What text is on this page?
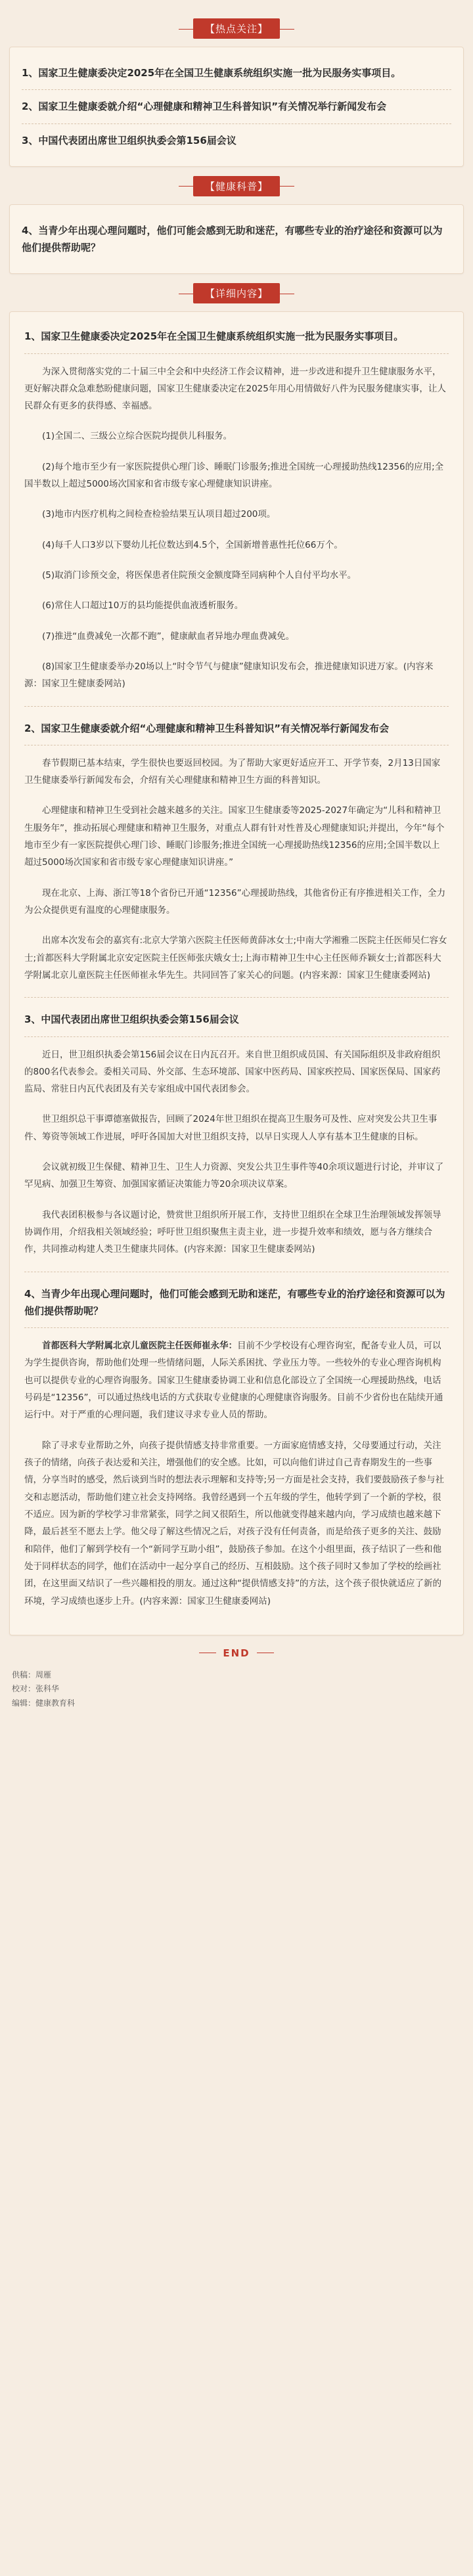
【热点关注】
1、国家卫生健康委决定2025年在全国卫生健康系统组织实施一批为民服务实事项目。
2、国家卫生健康委就介绍“心理健康和精神卫生科普知识”有关情况举行新闻发布会
3、中国代表团出席世卫组织执委会第156届会议
【健康科普】
4、当青少年出现心理问题时，他们可能会感到无助和迷茫，有哪些专业的治疗途径和资源可以为他们提供帮助呢？
【详细内容】
1、国家卫生健康委决定2025年在全国卫生健康系统组织实施一批为民服务实事项目。

为深入贯彻落实党的二十届三中全会和中央经济工作会议精神，进一步改进和提升卫生健康服务水平，更好解决群众急难愁盼健康问题，国家卫生健康委决定在2025年用心用情做好八件为民服务健康实事，让人民群众有更多的获得感、幸福感。

(1)全国二、三级公立综合医院均提供儿科服务。

(2)每个地市至少有一家医院提供心理门诊、睡眠门诊服务;推进全国统一心理援助热线12356的应用;全国半数以上超过5000场次国家和省市级专家心理健康知识讲座。

(3)地市内医疗机构之间检查检验结果互认项目超过200项。

(4)每千人口3岁以下婴幼儿托位数达到4.5个，全国新增普惠性托位66万个。

(5)取消门诊预交金，将医保患者住院预交金额度降至同病种个人自付平均水平。

(6)常住人口超过10万的县均能提供血液透析服务。

(7)推进“血费减免一次都不跑”，健康献血者异地办理血费减免。

(8)国家卫生健康委举办20场以上“时令节气与健康”健康知识发布会，推进健康知识进万家。(内容来源：国家卫生健康委网站)

2、国家卫生健康委就介绍“心理健康和精神卫生科普知识”有关情况举行新闻发布会

春节假期已基本结束，学生很快也要返回校园。为了帮助大家更好适应开工、开学节奏，2月13日国家卫生健康委举行新闻发布会，介绍有关心理健康和精神卫生方面的科普知识。

心理健康和精神卫生受到社会越来越多的关注。国家卫生健康委等2025-2027年确定为“儿科和精神卫生服务年”，推动拓展心理健康和精神卫生服务，对重点人群有针对性普及心理健康知识;并提出，今年“每个地市至少有一家医院提供心理门诊、睡眠门诊服务;推进全国统一心理援助热线12356的应用;全国半数以上超过5000场次国家和省市级专家心理健康知识讲座。”

现在北京、上海、浙江等18个省份已开通“12356”心理援助热线，其他省份正有序推进相关工作，全力为公众提供更有温度的心理健康服务。

出席本次发布会的嘉宾有:北京大学第六医院主任医师黄薛冰女士;中南大学湘雅二医院主任医师吴仁容女士;首都医科大学附属北京安定医院主任医师张庆娥女士;上海市精神卫生中心主任医师乔颖女士;首都医科大学附属北京儿童医院主任医师崔永华先生。共同回答了家关心的问题。(内容来源：国家卫生健康委网站)

3、中国代表团出席世卫组织执委会第156届会议

近日，世卫组织执委会第156届会议在日内瓦召开。来自世卫组织成员国、有关国际组织及非政府组织的800名代表参会。委相关司局、外交部、生态环境部、国家中医药局、国家疾控局、国家医保局、国家药监局、常驻日内瓦代表团及有关专家组成中国代表团参会。

世卫组织总干事谭德塞做报告，回顾了2024年世卫组织在提高卫生服务可及性、应对突发公共卫生事件、筹资等领域工作进展，呼吁各国加大对世卫组织支持，以早日实现人人享有基本卫生健康的目标。

会议就初级卫生保健、精神卫生、卫生人力资源、突发公共卫生事件等40余项议题进行讨论，并审议了罕见病、加强卫生筹资、加强国家循证决策能力等20余项决议草案。

我代表团积极参与各议题讨论，赞赏世卫组织所开展工作，支持世卫组织在全球卫生治理领域发挥领导协调作用，介绍我相关领域经验；呼吁世卫组织聚焦主责主业，进一步提升效率和绩效，愿与各方继续合作，共同推动构建人类卫生健康共同体。(内容来源：国家卫生健康委网站)

4、当青少年出现心理问题时，他们可能会感到无助和迷茫，有哪些专业的治疗途径和资源可以为他们提供帮助呢？

首都医科大学附属北京儿童医院主任医师崔永华：目前不少学校设有心理咨询室，配备专业人员，可以为学生提供咨询，帮助他们处理一些情绪问题，人际关系困扰、学业压力等。一些较外的专业心理咨询机构也可以提供专业的心理咨询服务。国家卫生健康委协调工业和信息化部设立了全国统一心理援助热线，电话号码是“12356”，可以通过热线电话的方式获取专业健康的心理健康咨询服务。目前不少省份也在陆续开通运行中。对于严重的心理问题，我们建议寻求专业人员的帮助。

除了寻求专业帮助之外，向孩子提供情感支持非常重要。一方面家庭情感支持，父母要通过行动，关注孩子的情绪，向孩子表达爱和关注，增强他们的安全感。比如，可以向他们讲过自己青春期发生的一些事情，分享当时的感受，然后谈到当时的想法表示理解和支持等;另一方面是社会支持，我们要鼓励孩子参与社交和志愿活动，帮助他们建立社会支持网络。我曾经遇到一个五年级的学生，他转学到了一个新的学校，很不适应。因为新的学校学习非常紧张，同学之间又很陌生，所以他就变得越来越内向，学习成绩也越来越下降，最后甚至不愿去上学。他父母了解这些情况之后，对孩子没有任何责备，而是给孩子更多的关注、鼓励和陪伴，他们了解到学校有一个“新同学互助小组”，鼓励孩子参加。在这个小组里面，孩子结识了一些和他处于同样状态的同学，他们在活动中一起分享自己的经历、互相鼓励。这个孩子同时又参加了学校的绘画社团，在这里面又结识了一些兴趣相投的朋友。通过这种“提供情感支持”的方法，这个孩子很快就适应了新的环境，学习成绩也逐步上升。(内容来源：国家卫生健康委网站)

END
供稿：周雁
校对：张科华
编辑：健康教育科
